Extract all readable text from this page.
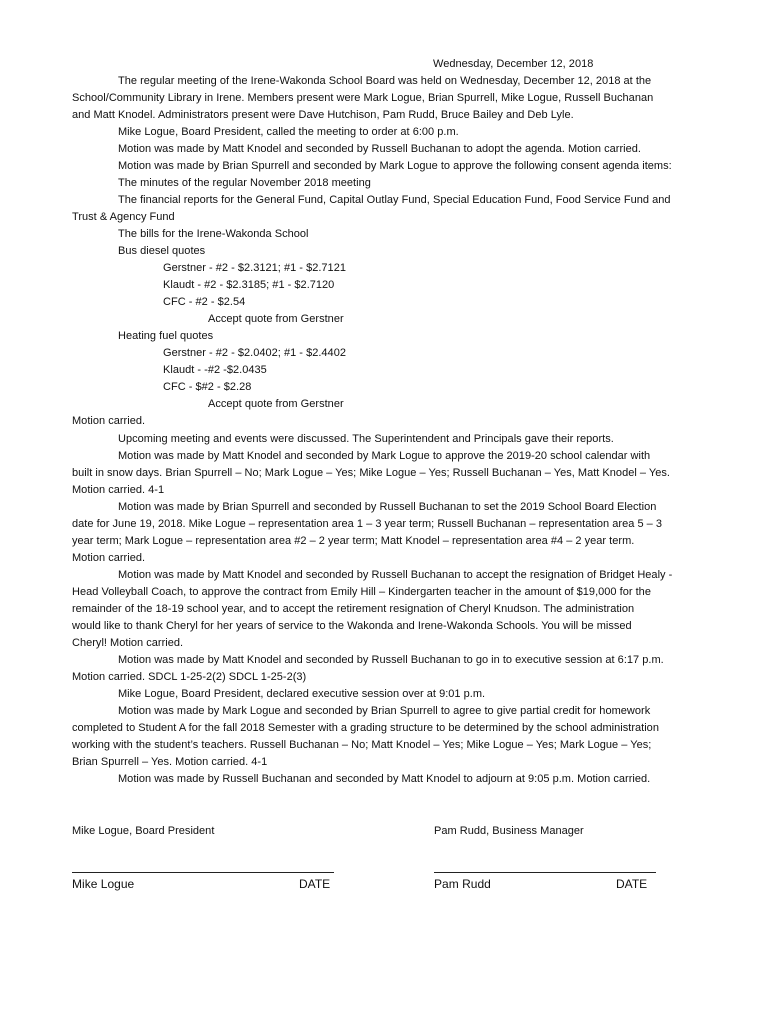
Wednesday, December 12, 2018
The regular meeting of the Irene-Wakonda School Board was held on Wednesday, December 12, 2018 at the
School/Community Library in Irene. Members present were Mark Logue, Brian Spurrell, Mike Logue, Russell Buchanan
and Matt Knodel. Administrators present were Dave Hutchison, Pam Rudd, Bruce Bailey and Deb Lyle.
Mike Logue, Board President, called the meeting to order at 6:00 p.m.
Motion was made by Matt Knodel and seconded by Russell Buchanan to adopt the agenda. Motion carried.
Motion was made by Brian Spurrell and seconded by Mark Logue to approve the following consent agenda items:
The minutes of the regular November 2018 meeting
The financial reports for the General Fund, Capital Outlay Fund, Special Education Fund, Food Service Fund and
Trust & Agency Fund
The bills for the Irene-Wakonda School
Bus diesel quotes
Gerstner - #2 - $2.3121; #1 - $2.7121
Klaudt - #2 - $2.3185; #1 - $2.7120
CFC - #2 - $2.54
Accept quote from Gerstner
Heating fuel quotes
Gerstner - #2 - $2.0402; #1 - $2.4402
Klaudt - -#2 -$2.0435
CFC - $#2 - $2.28
Accept quote from Gerstner
Motion carried.
Upcoming meeting and events were discussed. The Superintendent and Principals gave their reports.
Motion was made by Matt Knodel and seconded by Mark Logue to approve the 2019-20 school calendar with
built in snow days. Brian Spurrell – No; Mark Logue – Yes; Mike Logue – Yes; Russell Buchanan – Yes, Matt Knodel – Yes.
Motion carried. 4-1
Motion was made by Brian Spurrell and seconded by Russell Buchanan to set the 2019 School Board Election
date for June 19, 2018. Mike Logue – representation area 1 – 3 year term; Russell Buchanan – representation area 5 – 3
year term; Mark Logue – representation area #2 – 2 year term; Matt Knodel – representation area #4 – 2 year term.
Motion carried.
Motion was made by Matt Knodel and seconded by Russell Buchanan to accept the resignation of Bridget Healy -
Head Volleyball Coach, to approve the contract from Emily Hill – Kindergarten teacher in the amount of $19,000 for the
remainder of the 18-19 school year, and to accept the retirement resignation of Cheryl Knudson. The administration
would like to thank Cheryl for her years of service to the Wakonda and Irene-Wakonda Schools. You will be missed
Cheryl! Motion carried.
Motion was made by Matt Knodel and seconded by Russell Buchanan to go in to executive session at 6:17 p.m.
Motion carried. SDCL 1-25-2(2) SDCL 1-25-2(3)
Mike Logue, Board President, declared executive session over at 9:01 p.m.
Motion was made by Mark Logue and seconded by Brian Spurrell to agree to give partial credit for homework
completed to Student A for the fall 2018 Semester with a grading structure to be determined by the school administration
working with the student’s teachers. Russell Buchanan – No; Matt Knodel – Yes; Mike Logue – Yes; Mark Logue – Yes;
Brian Spurrell – Yes. Motion carried. 4-1
Motion was made by Russell Buchanan and seconded by Matt Knodel to adjourn at 9:05 p.m. Motion carried.
Mike Logue, Board President	Pam Rudd, Business Manager
Mike Logue	DATE	Pam Rudd	DATE
